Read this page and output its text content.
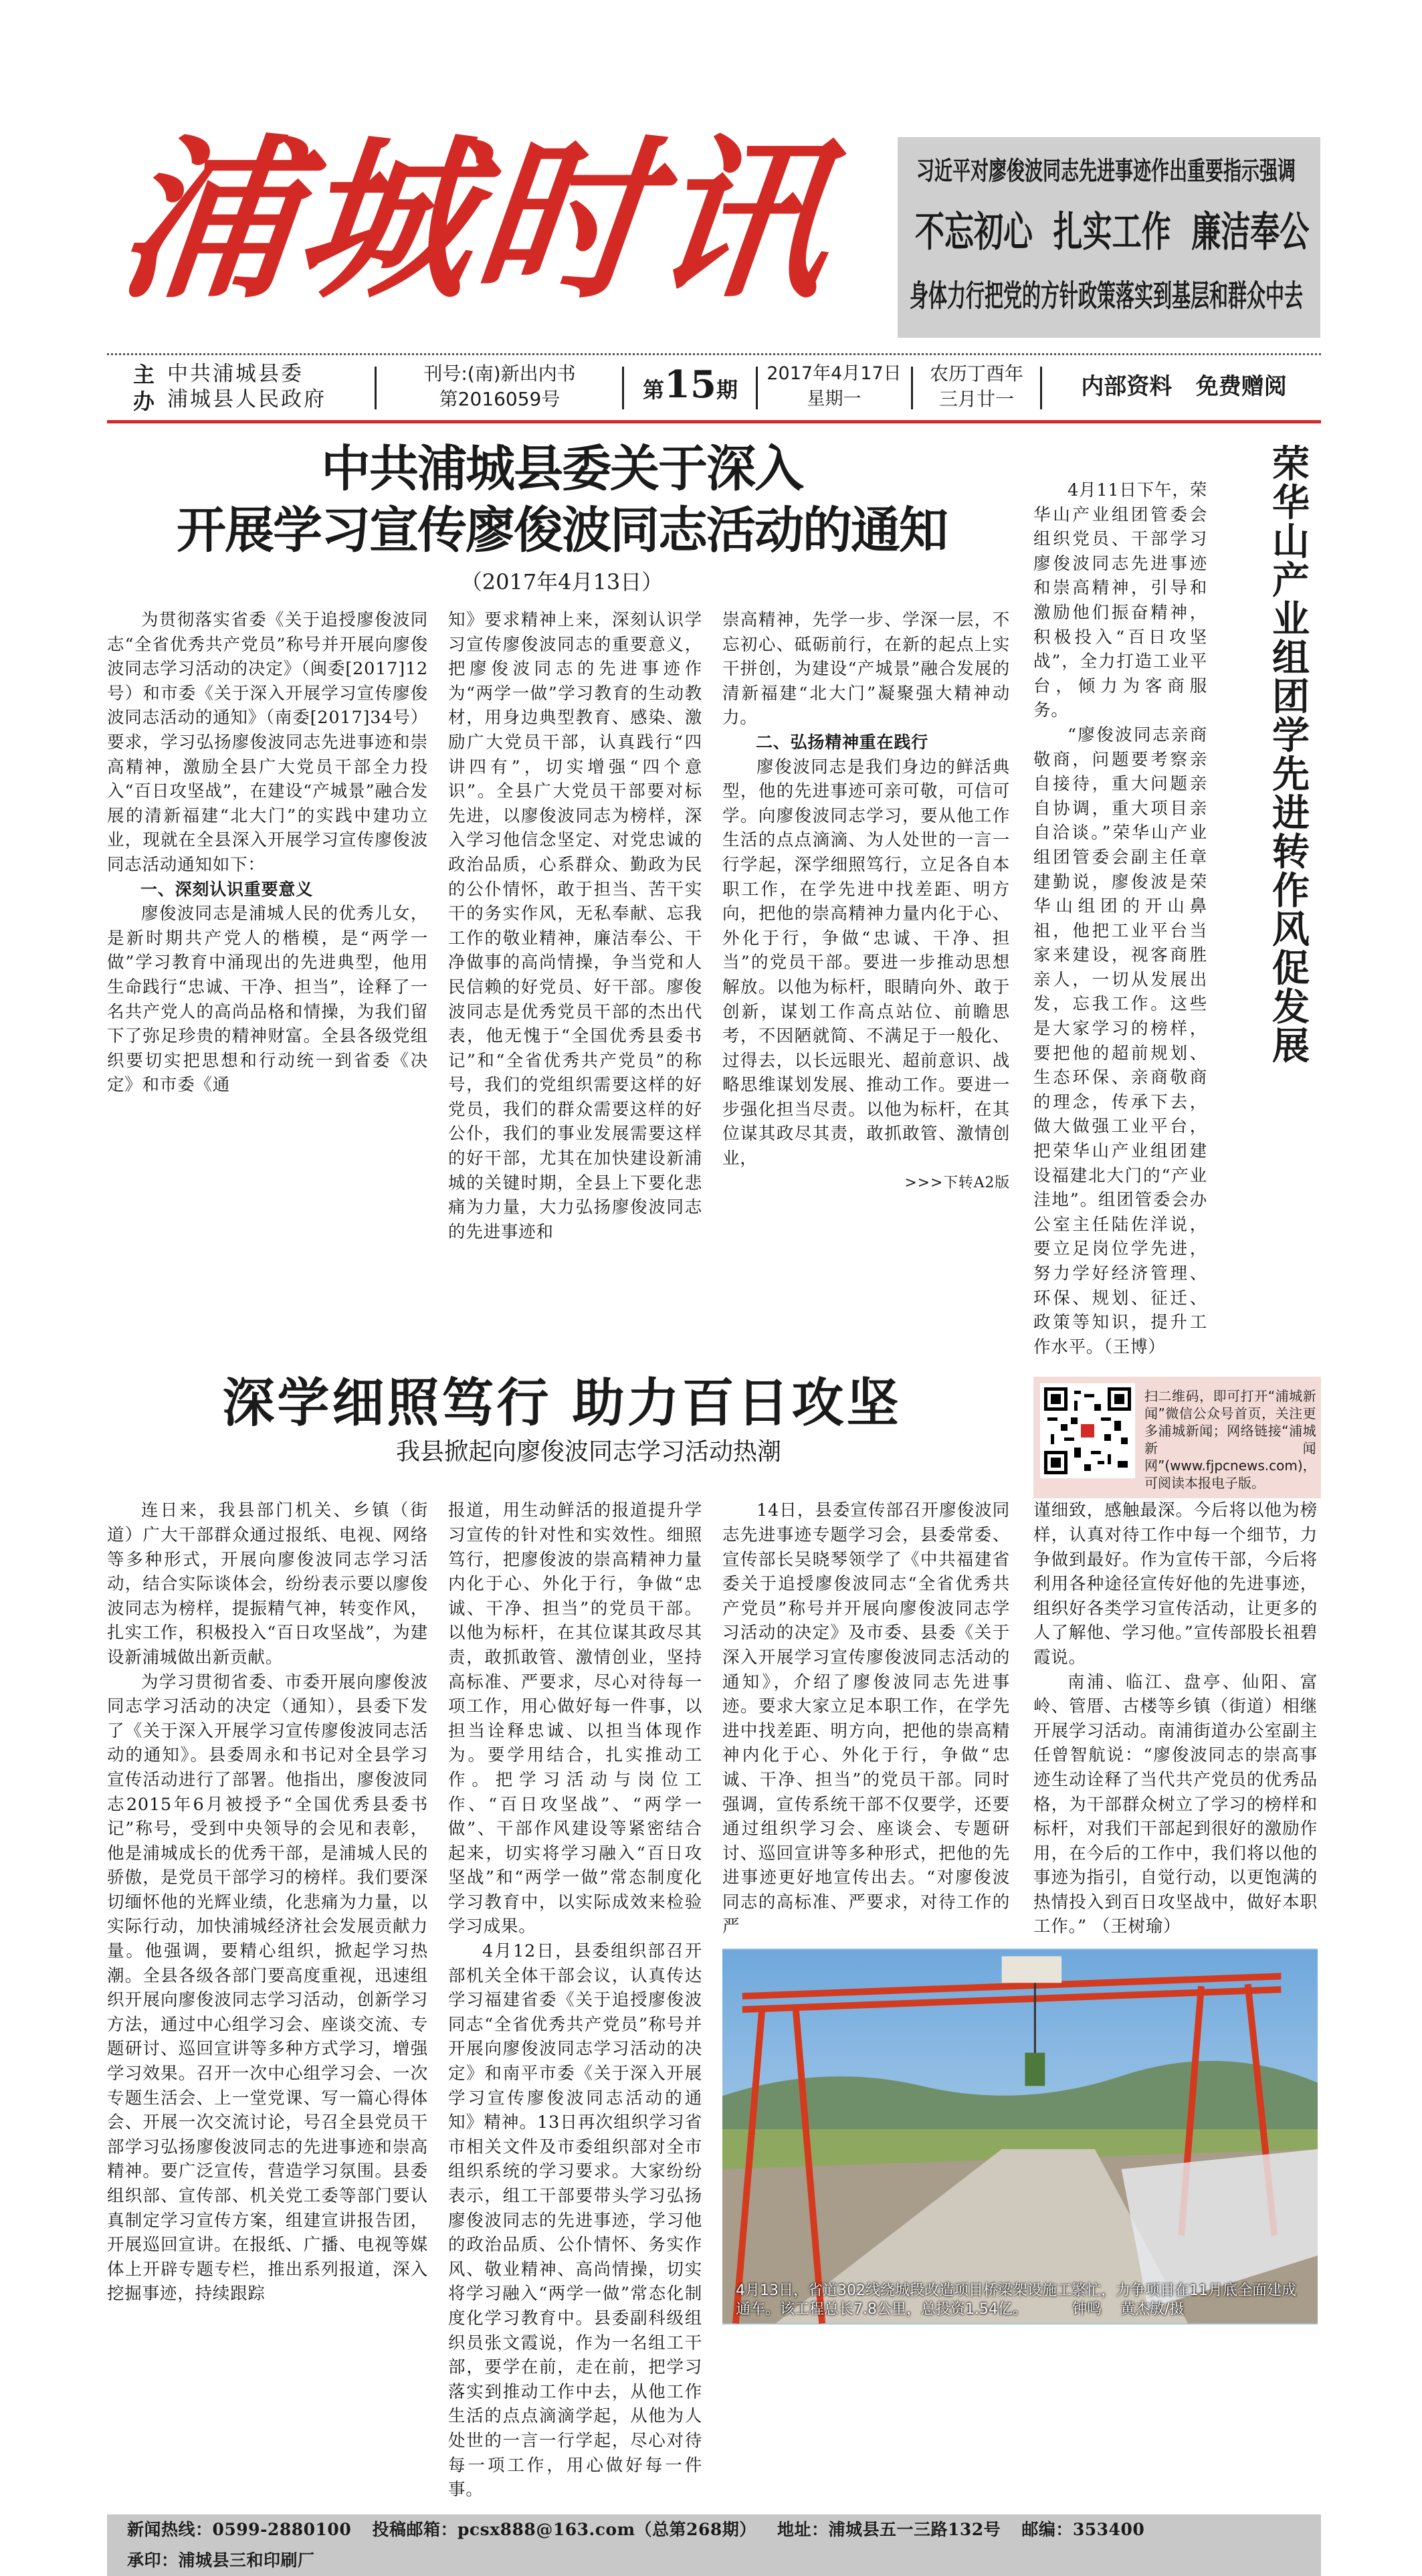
浦城时讯	习近平对廖俊波同志先进事迹作出重要指示强调
不忘初心  扎实工作  廉洁奉公
身体力行把党的方针政策落实到基层和群众中去
主办
中共浦城县委
浦城县人民政府
刊号:(南)新出内书
第2016059号	第15期
2017年4月17日
星期一
农历丁酉年
三月廿一	内部资料   免费赠阅
中共浦城县委关于深入
开展学习宣传廖俊波同志活动的通知
（2017年4月13日）

为贯彻落实省委《关于追授廖俊波同志“全省优秀共产党员”称号并开展向廖俊波同志学习活动的决定》（闽委[2017]12号）和市委《关于深入开展学习宣传廖俊波同志活动的通知》（南委[2017]34号）要求，学习弘扬廖俊波同志先进事迹和崇高精神，激励全县广大党员干部全力投入“百日攻坚战”，在建设“产城景”融合发展的清新福建“北大门”的实践中建功立业，现就在全县深入开展学习宣传廖俊波同志活动通知如下：

一、深刻认识重要意义

廖俊波同志是浦城人民的优秀儿女，是新时期共产党人的楷模，是“两学一做”学习教育中涌现出的先进典型，他用生命践行“忠诚、干净、担当”，诠释了一名共产党人的高尚品格和情操，为我们留下了弥足珍贵的精神财富。全县各级党组织要切实把思想和行动统一到省委《决定》和市委《通

知》要求精神上来，深刻认识学习宣传廖俊波同志的重要意义，把廖俊波同志的先进事迹作为“两学一做”学习教育的生动教材，用身边典型教育、感染、激励广大党员干部，认真践行“四讲四有”，切实增强“四个意识”。全县广大党员干部要对标先进，以廖俊波同志为榜样，深入学习他信念坚定、对党忠诚的政治品质，心系群众、勤政为民的公仆情怀，敢于担当、苦干实干的务实作风，无私奉献、忘我工作的敬业精神，廉洁奉公、干净做事的高尚情操，争当党和人民信赖的好党员、好干部。廖俊波同志是优秀党员干部的杰出代表，他无愧于“全国优秀县委书记”和“全省优秀共产党员”的称号，我们的党组织需要这样的好党员，我们的群众需要这样的好公仆，我们的事业发展需要这样的好干部，尤其在加快建设新浦城的关键时期，全县上下要化悲痛为力量，大力弘扬廖俊波同志的先进事迹和

崇高精神，先学一步、学深一层，不忘初心、砥砺前行，在新的起点上实干拼创，为建设“产城景”融合发展的清新福建“北大门”凝聚强大精神动力。

二、弘扬精神重在践行

廖俊波同志是我们身边的鲜活典型，他的先进事迹可亲可敬，可信可学。向廖俊波同志学习，要从他工作生活的点点滴滴、为人处世的一言一行学起，深学细照笃行，立足各自本职工作，在学先进中找差距、明方向，把他的崇高精神力量内化于心、外化于行，争做“忠诚、干净、担当”的党员干部。要进一步推动思想解放。以他为标杆，眼睛向外、敢于创新，谋划工作高点站位、前瞻思考，不因陋就简、不满足于一般化、过得去，以长远眼光、超前意识、战略思维谋划发展、推动工作。要进一步强化担当尽责。以他为标杆，在其位谋其政尽其责，敢抓敢管、激情创业，

>>>下转A2版

4月11日下午，荣华山产业组团管委会组织党员、干部学习廖俊波同志先进事迹和崇高精神，引导和激励他们振奋精神，积极投入“百日攻坚战”，全力打造工业平台，倾力为客商服务。

“廖俊波同志亲商敬商，问题要考察亲自接待，重大问题亲自协调，重大项目亲自洽谈。”荣华山产业组团管委会副主任章建勤说，廖俊波是荣华山组团的开山鼻祖，他把工业平台当家来建设，视客商胜亲人，一切从发展出发，忘我工作。这些是大家学习的榜样，要把他的超前规划、生态环保、亲商敬商的理念，传承下去，做大做强工业平台，把荣华山产业组团建设福建北大门的“产业洼地”。组团管委会办公室主任陆佐洋说，要立足岗位学先进，努力学好经济管理、环保、规划、征迁、政策等知识，提升工作水平。（王博）

荣华山产业组团学先进转作风促发展
深学细照笃行 助力百日攻坚
我县掀起向廖俊波同志学习活动热潮
扫二维码，即可打开“浦城新闻”微信公众号首页，关注更多浦城新闻；网络链接“浦城新闻网”(www.fjpcnews.com)，可阅读本报电子版。

连日来，我县部门机关、乡镇（街道）广大干部群众通过报纸、电视、网络等多种形式，开展向廖俊波同志学习活动，结合实际谈体会，纷纷表示要以廖俊波同志为榜样，提振精气神，转变作风，扎实工作，积极投入“百日攻坚战”，为建设新浦城做出新贡献。

为学习贯彻省委、市委开展向廖俊波同志学习活动的决定（通知），县委下发了《关于深入开展学习宣传廖俊波同志活动的通知》。县委周永和书记对全县学习宣传活动进行了部署。他指出，廖俊波同志2015年6月被授予“全国优秀县委书记”称号，受到中央领导的会见和表彰，他是浦城成长的优秀干部，是浦城人民的骄傲，是党员干部学习的榜样。我们要深切缅怀他的光辉业绩，化悲痛为力量，以实际行动，加快浦城经济社会发展贡献力量。他强调，要精心组织，掀起学习热潮。全县各级各部门要高度重视，迅速组织开展向廖俊波同志学习活动，创新学习方法，通过中心组学习会、座谈交流、专题研讨、巡回宣讲等多种方式学习，增强学习效果。召开一次中心组学习会、一次专题生活会、上一堂党课、写一篇心得体会、开展一次交流讨论，号召全县党员干部学习弘扬廖俊波同志的先进事迹和崇高精神。要广泛宣传，营造学习氛围。县委组织部、宣传部、机关党工委等部门要认真制定学习宣传方案，组建宣讲报告团，开展巡回宣讲。在报纸、广播、电视等媒体上开辟专题专栏，推出系列报道，深入挖掘事迹，持续跟踪

报道，用生动鲜活的报道提升学习宣传的针对性和实效性。细照笃行，把廖俊波的崇高精神力量内化于心、外化于行，争做“忠诚、干净、担当”的党员干部。以他为标杆，在其位谋其政尽其责，敢抓敢管、激情创业，坚持高标准、严要求，尽心对待每一项工作，用心做好每一件事，以担当诠释忠诚、以担当体现作为。要学用结合，扎实推动工作。把学习活动与岗位工作、“百日攻坚战”、“两学一做”、干部作风建设等紧密结合起来，切实将学习融入“百日攻坚战”和“两学一做”常态制度化学习教育中，以实际成效来检验学习成果。

4月12日，县委组织部召开部机关全体干部会议，认真传达学习福建省委《关于追授廖俊波同志“全省优秀共产党员”称号并开展向廖俊波同志学习活动的决定》和南平市委《关于深入开展学习宣传廖俊波同志活动的通知》精神。13日再次组织学习省市相关文件及市委组织部对全市组织系统的学习要求。大家纷纷表示，组工干部要带头学习弘扬廖俊波同志的先进事迹，学习他的政治品质、公仆情怀、务实作风、敬业精神、高尚情操，切实将学习融入“两学一做”常态化制度化学习教育中。县委副科级组织员张文霞说，作为一名组工干部，要学在前，走在前，把学习落实到推动工作中去，从他工作生活的点点滴滴学起，从他为人处世的一言一行学起，尽心对待每一项工作，用心做好每一件事。

14日，县委宣传部召开廖俊波同志先进事迹专题学习会，县委常委、宣传部长吴晓琴领学了《中共福建省委关于追授廖俊波同志“全省优秀共产党员”称号并开展向廖俊波同志学习活动的决定》及市委、县委《关于深入开展学习宣传廖俊波同志活动的通知》，介绍了廖俊波同志先进事迹。要求大家立足本职工作，在学先进中找差距、明方向，把他的崇高精神内化于心、外化于行，争做“忠诚、干净、担当”的党员干部。同时强调，宣传系统干部不仅要学，还要通过组织学习会、座谈会、专题研讨、巡回宣讲等多种形式，把他的先进事迹更好地宣传出去。“对廖俊波同志的高标准、严要求，对待工作的严

谨细致，感触最深。今后将以他为榜样，认真对待工作中每一个细节，力争做到最好。作为宣传干部，今后将利用各种途径宣传好他的先进事迹，组织好各类学习宣传活动，让更多的人了解他、学习他。”宣传部股长祖碧霞说。

南浦、临江、盘亭、仙阳、富岭、管厝、古楼等乡镇（街道）相继开展学习活动。南浦街道办公室副主任曾智航说：“廖俊波同志的崇高事迹生动诠释了当代共产党员的优秀品格，为干部群众树立了学习的榜样和标杆，对我们干部起到很好的激励作用，在今后的工作中，我们将以他的事迹为指引，自觉行动，以更饱满的热情投入到百日攻坚战中，做好本职工作。” （王树瑜）

4月13日，省道302线绕城段改造项目桥梁架设施工繁忙，力争项目在11月底全面建成通车。该工程总长7.8公里，总投资1.54亿。	钟鸣    黄杰敏/摄
新闻热线：0599-2880100 投稿邮箱：pcsx888@163.com（总第268期） 地址：浦城县五一三路132号 邮编：353400 承印：浦城县三和印刷厂
